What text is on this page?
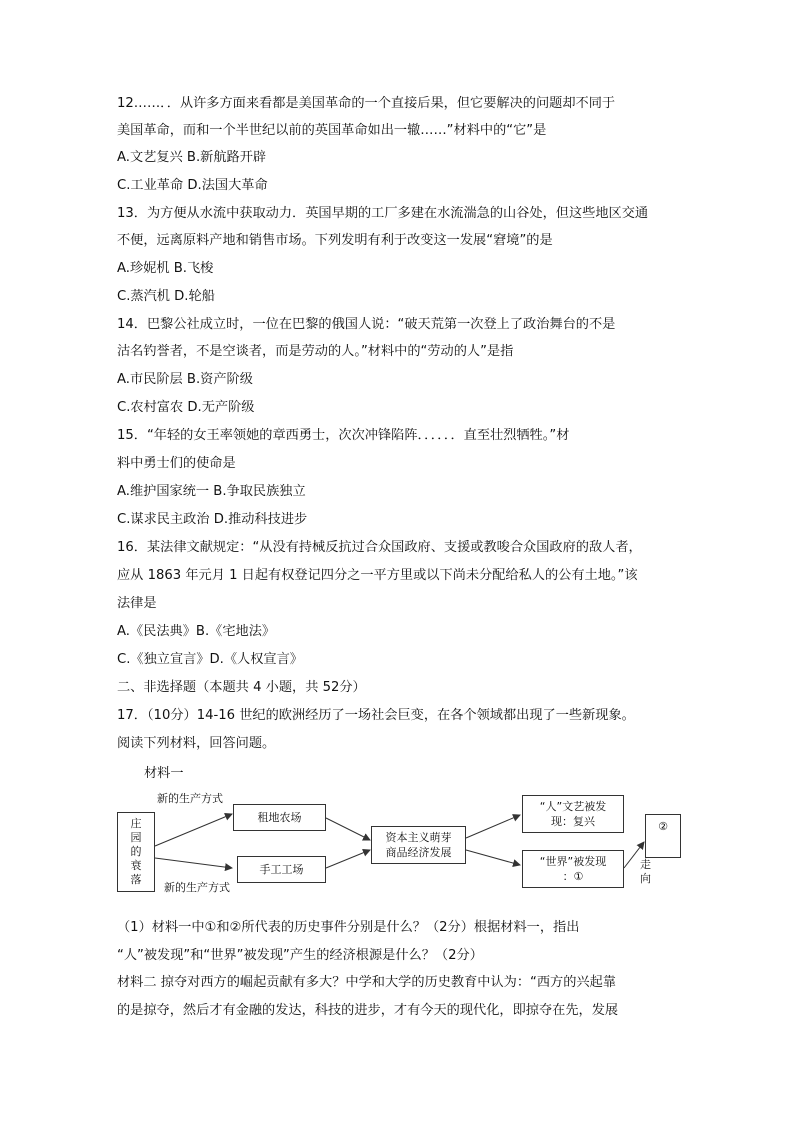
12……．．从许多方面来看都是美国革命的一个直接后果，但它要解决的问题却不同于
美国革命，而和一个半世纪以前的英国革命如出一辙……”材料中的“它”是
A.文艺复兴 B.新航路开辟
C.工业革命 D.法国大革命
13．为方便从水流中获取动力．英国早期的工厂多建在水流湍急的山谷处，但这些地区交通
不便，远离原料产地和销售市场。下列发明有利于改变这一发展“窘境”的是
A.珍妮机 B.飞梭
C.蒸汽机 D.轮船
14．巴黎公社成立时，一位在巴黎的俄国人说：“破天荒第一次登上了政治舞台的不是
沽名钓誉者，不是空谈者，而是劳动的人。”材料中的“劳动的人”是指
A.市民阶层 B.资产阶级
C.农村富农 D.无产阶级
15．“年轻的女王率领她的章西勇士，次次冲锋陷阵．．．．．．直至壮烈牺牲。”材
料中勇士们的使命是
A.维护国家统一 B.争取民族独立
C.谋求民主政治 D.推动科技进步
16．某法律文献规定：“从没有持械反抗过合众国政府、支援或教唆合众国政府的敌人者，
应从 1863 年元月 1 日起有权登记四分之一平方里或以下尚未分配给私人的公有土地。”该
法律是
A.《民法典》B.《宅地法》
C.《独立宣言》D.《人权宣言》
二、非选择题（本题共 4 小题，共 52分）
17．（10分）14-16 世纪的欧洲经历了一场社会巨变，在各个领域都出现了一些新现象。
阅读下列材料，回答问题。
材料一
新的生产方式
新的生产方式
庄园的衰落
租地农场
手工工场
资本主义萌芽
商品经济发展
“人”文艺被发
现：复兴
“世界”被发现
：①
②
走
向
（1）材料一中①和②所代表的历史事件分别是什么？（2分）根据材料一，指出
“人”被发现”和“世界”被发现”产生的经济根源是什么？（2分）
材料二 掠夺对西方的崛起贡献有多大？中学和大学的历史教育中认为：“西方的兴起靠
的是掠夺，然后才有金融的发达，科技的进步，才有今天的现代化，即掠夺在先，发展
